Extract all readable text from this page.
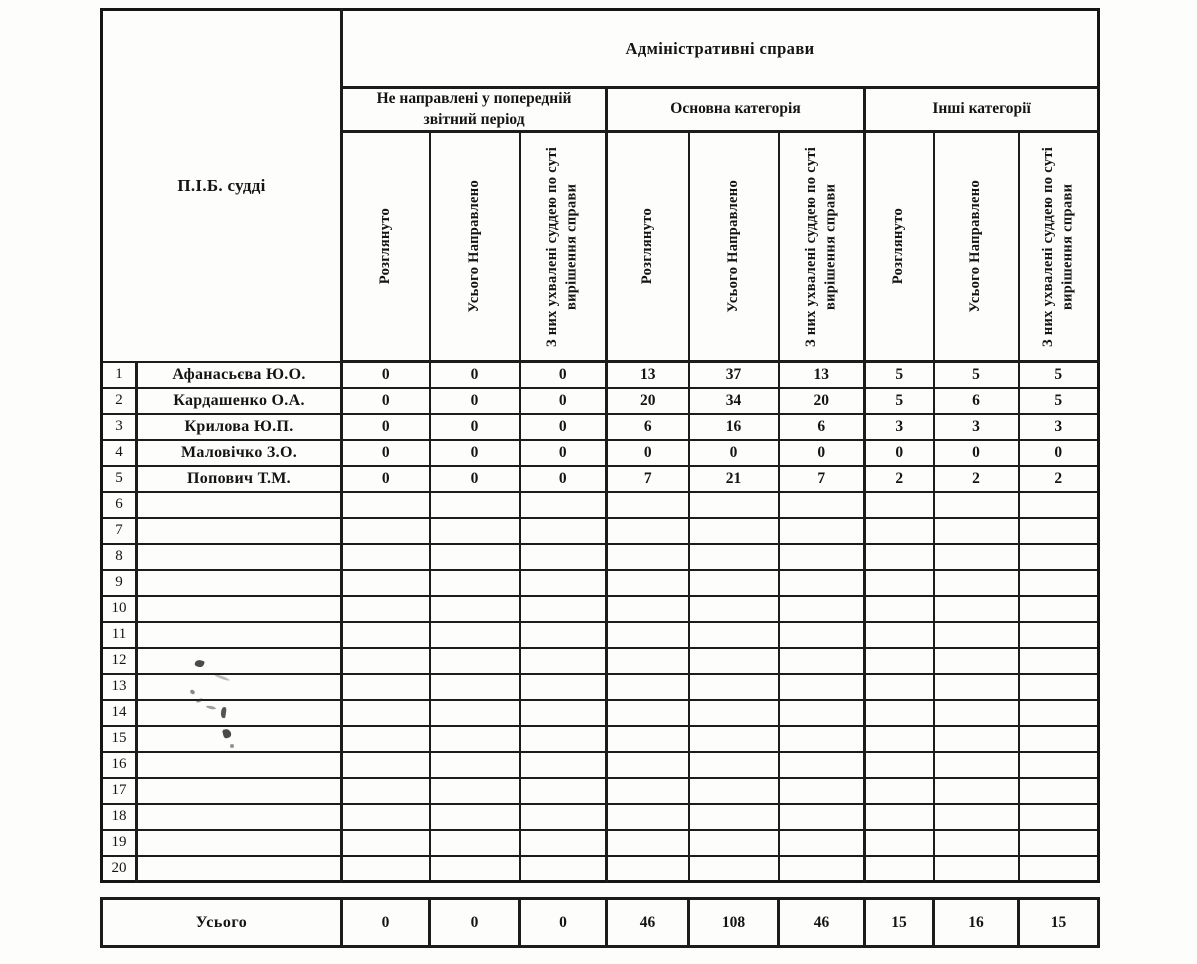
П.І.Б. судді		Адміністративні справи								
		Не направлені у попередній звітний період			Основна категорія			Інші категорії		

		Розглянуто	Усього Направлено	З них ухвалені суддею по суті вирішення справи	Розглянуто	Усього Направлено	З них ухвалені суддею по суті вирішення справи	Розглянуто	Усього Направлено	З них ухвалені суддею по суті вирішення справи

1	Афанасьєва Ю.О.	0	0	0	13	37	13	5	5	5
2	Кардашенко О.А.	0	0	0	20	34	20	5	6	5
3	Крилова Ю.П.	0	0	0	6	16	6	3	3	3
4	Маловічко З.О.	0	0	0	0	0	0	0	0	0
5	Попович Т.М.	0	0	0	7	21	7	2	2	2
6										
7										
8										
9										
10										
11										
12										
13										
14										
15										
16										
17										
18										
19										
20										
Усього	0	0	0	46	108	46	15	16	15
